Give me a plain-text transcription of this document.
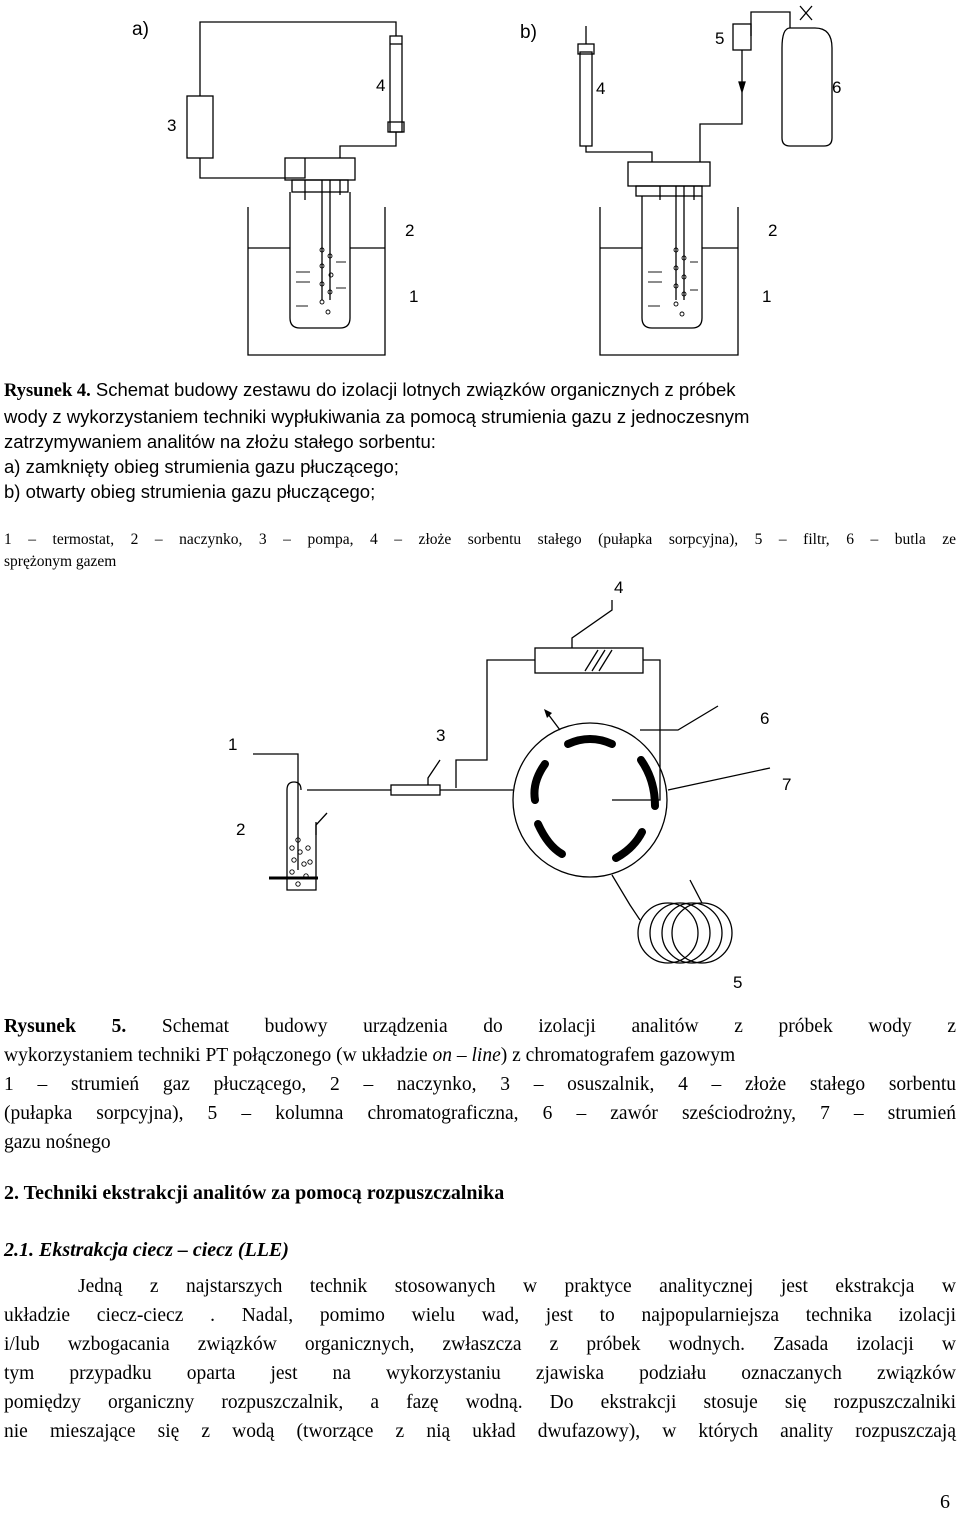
a)	b)
3
4
2
1
4
5
6
2
1
Rysunek 4. Schemat budowy zestawu do izolacji lotnych związków organicznych z próbek
wody z wykorzystaniem techniki wypłukiwania za pomocą strumienia gazu z jednoczesnym
zatrzymywaniem analitów na złożu stałego sorbentu:
a) zamknięty obieg strumienia gazu płuczącego;
b) otwarty obieg strumienia gazu płuczącego;
1 – termostat, 2 – naczynko, 3 – pompa, 4 – złoże sorbentu stałego (pułapka sorpcyjna), 5 – filtr, 6 – butla ze
sprężonym gazem
4
1	3
6
7
2
5
Rysunek 5. Schemat budowy urządzenia do izolacji analitów z próbek wody z
wykorzystaniem techniki PT połączonego (w układzie on – line) z chromatografem gazowym
1 – strumień gaz płuczącego, 2 – naczynko, 3 – osuszalnik, 4 – złoże stałego sorbentu
(pułapka sorpcyjna), 5 – kolumna chromatograficzna, 6 – zawór sześciodrożny, 7 – strumień
gazu nośnego
2. Techniki ekstrakcji analitów za pomocą rozpuszczalnika
2.1. Ekstrakcja ciecz – ciecz (LLE)
Jedną z najstarszych technik stosowanych w praktyce analitycznej jest ekstrakcja w
układzie ciecz-ciecz . Nadal, pomimo wielu wad, jest to najpopularniejsza technika izolacji
i/lub wzbogacania związków organicznych, zwłaszcza z próbek wodnych. Zasada izolacji w
tym przypadku oparta jest na wykorzystaniu zjawiska podziału oznaczanych związków
pomiędzy organiczny rozpuszczalnik, a fazę wodną. Do ekstrakcji stosuje się rozpuszczalniki
nie mieszające się z wodą (tworzące z nią układ dwufazowy), w których anality rozpuszczają
6
